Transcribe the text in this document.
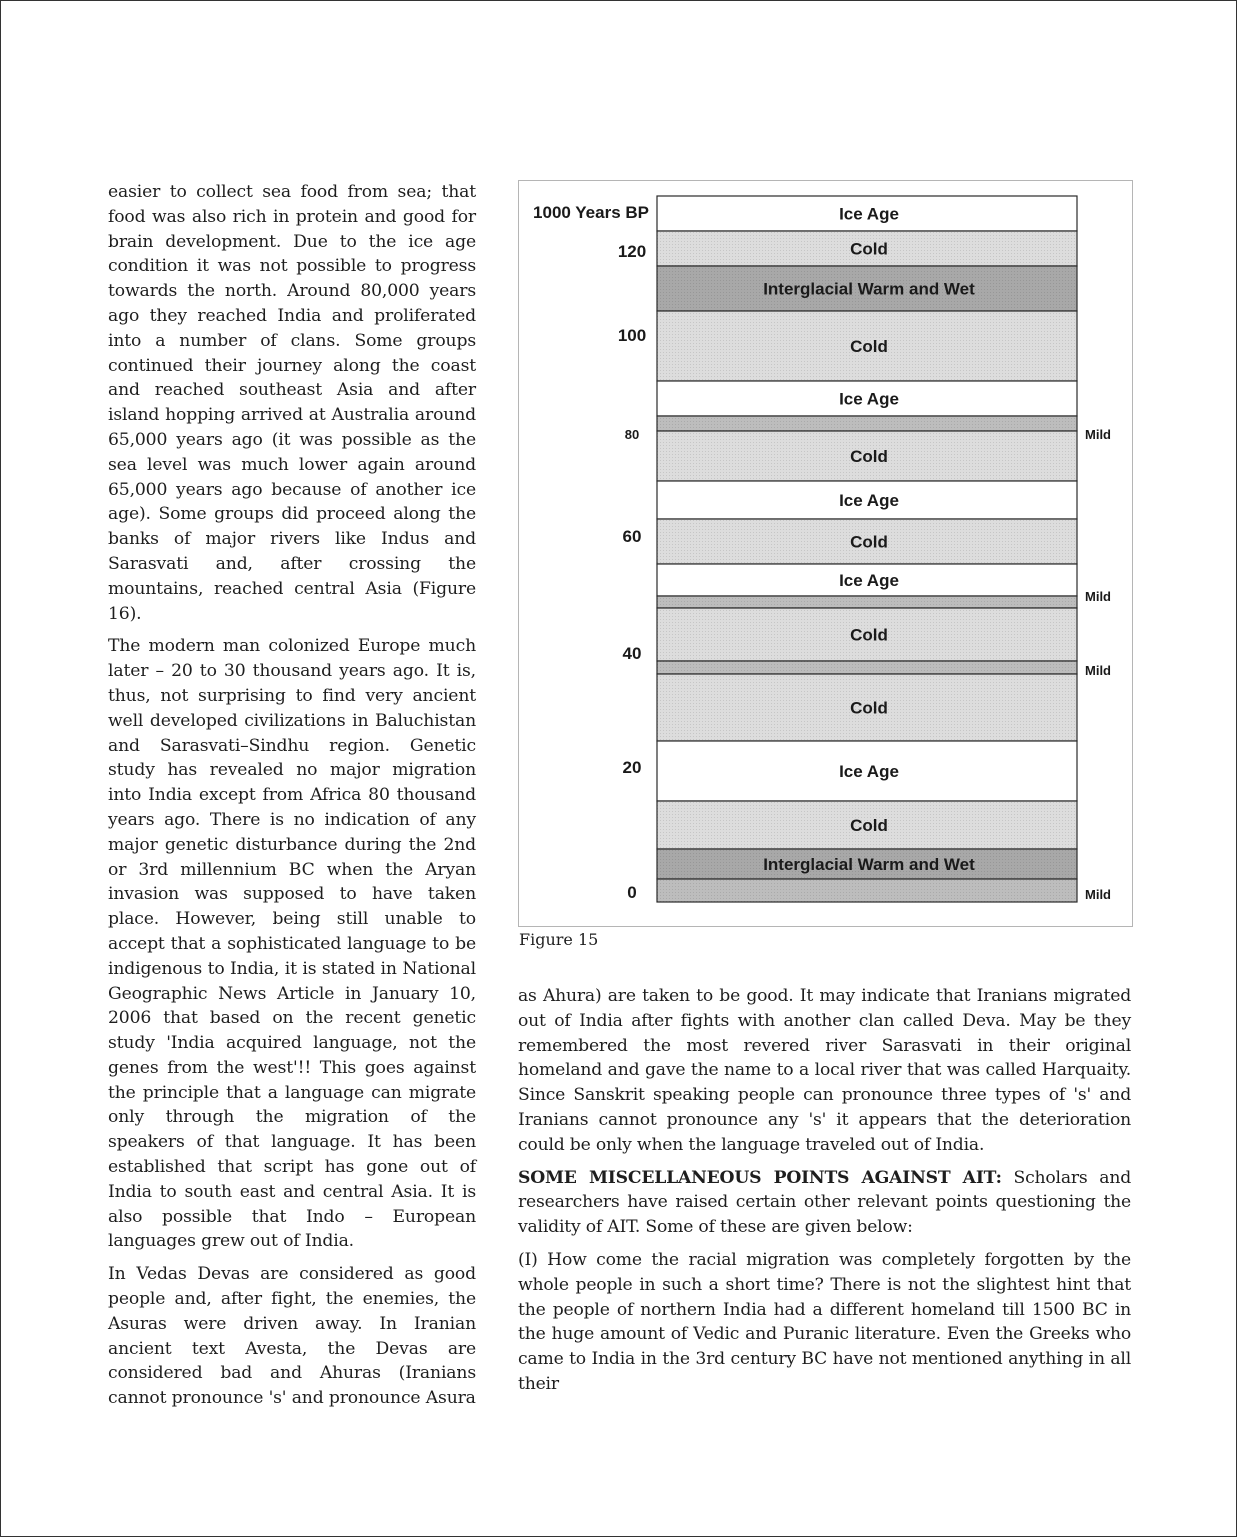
easier to collect sea food from sea; that food was also rich in protein and good for brain development. Due to the ice age condition it was not possible to progress towards the north. Around 80,000 years ago they reached India and proliferated into a number of clans. Some groups continued their journey along the coast and reached southeast Asia and after island hopping arrived at Australia around 65,000 years ago (it was possible as the sea level was much lower again around 65,000 years ago because of another ice age). Some groups did proceed along the banks of major rivers like Indus and Sarasvati and, after crossing the mountains, reached central Asia (Figure 16).

The modern man colonized Europe much later – 20 to 30 thousand years ago. It is, thus, not surprising to find very ancient well developed civilizations in Baluchistan and Sarasvati–Sindhu region. Genetic study has revealed no major migration into India except from Africa 80 thousand years ago. There is no indication of any major genetic disturbance during the 2nd or 3rd millennium BC when the Aryan invasion was supposed to have taken place. However, being still unable to accept that a sophisticated language to be indigenous to India, it is stated in National Geographic News Article in January 10, 2006 that based on the recent genetic study 'India acquired language, not the genes from the west'!! This goes against the principle that a language can migrate only through the migration of the speakers of that language. It has been established that script has gone out of India to south east and central Asia. It is also possible that Indo – European languages grew out of India.

In Vedas Devas are considered as good people and, after fight, the enemies, the Asuras were driven away. In Iranian ancient text Avesta, the Devas are considered bad and Ahuras (Iranians cannot pronounce 's' and pronounce Asura

Ice Age
Cold
Interglacial Warm and Wet
Cold
Ice Age
Cold
Ice Age
Cold
Ice Age
Cold
Cold
Ice Age
Cold
Interglacial Warm and Wet
1000 Years BP
120
100
80
60
40
20
0
Mild
Mild
Mild
Mild
Figure 15

as Ahura) are taken to be good. It may indicate that Iranians migrated out of India after fights with another clan called Deva. May be they remembered the most revered river Sarasvati in their original homeland and gave the name to a local river that was called Harquaity. Since Sanskrit speaking people can pronounce three types of 's' and Iranians cannot pronounce any 's' it appears that the deterioration could be only when the language traveled out of India.

SOME MISCELLANEOUS POINTS AGAINST AIT: Scholars and researchers have raised certain other relevant points questioning the validity of AIT. Some of these are given below:

(I) How come the racial migration was completely forgotten by the whole people in such a short time? There is not the slightest hint that the people of northern India had a different homeland till 1500 BC in the huge amount of Vedic and Puranic literature. Even the Greeks who came to India in the 3rd century BC have not mentioned anything in all their
